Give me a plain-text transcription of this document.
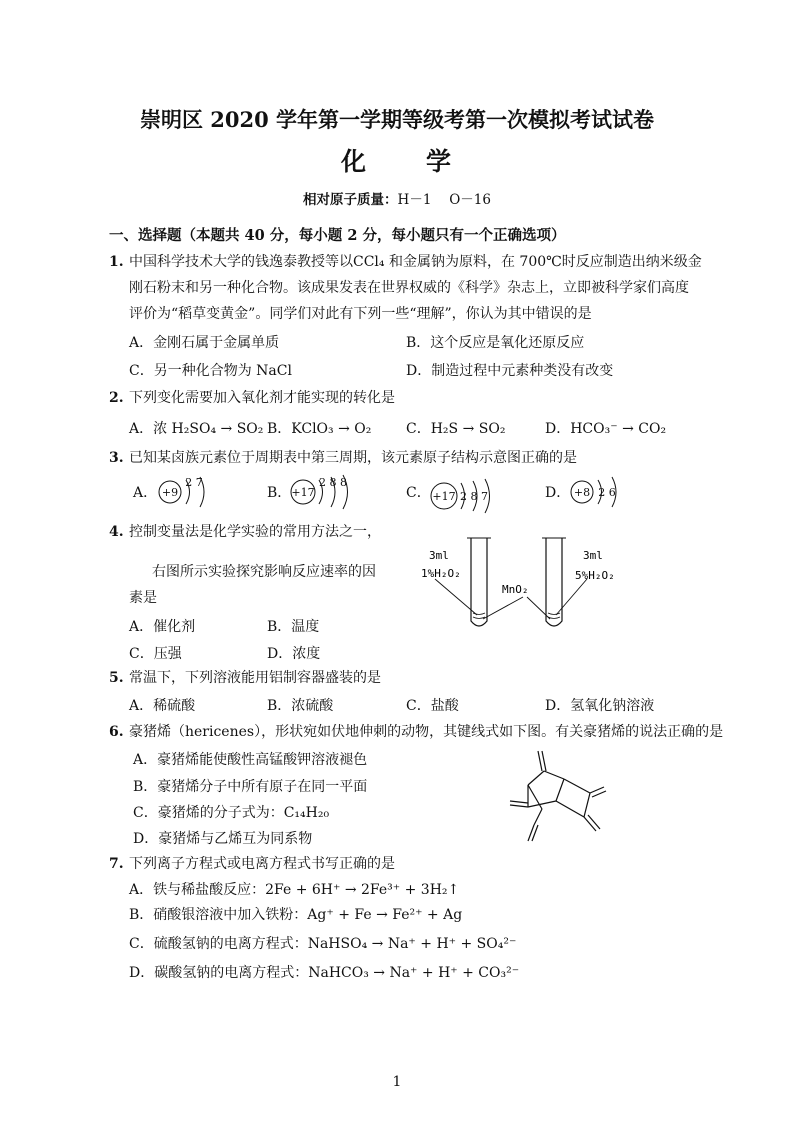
崇明区 2020 学年第一学期等级考第一次模拟考试试卷
化 学
相对原子质量：H－1　 O－16
一、选择题（本题共 40 分，每小题 2 分，每小题只有一个正确选项）
1. 中国科学技术大学的钱逸泰教授等以CCl₄ 和金属钠为原料，在 700℃时反应制造出纳米级金
刚石粉末和另一种化合物。该成果发表在世界权威的《科学》杂志上，立即被科学家们高度
评价为“稻草变黄金”。同学们对此有下列一些“理解”，你认为其中错误的是
A．金刚石属于金属单质	B．这个反应是氧化还原反应
C．另一种化合物为 NaCl	D．制造过程中元素种类没有改变
2. 下列变化需要加入氧化剂才能实现的转化是
A．浓 H₂SO₄ → SO₂ B．KClO₃ → O₂ C．H₂S → SO₂	D．HCO₃⁻ → CO₂
3. 已知某卤族元素位于周期表中第三周期，该元素原子结构示意图正确的是
A． +9
2 7
B． +17
2 8 8
C． +17 2 8 7	D． +8 2 6
4. 控制变量法是化学实验的常用方法之一，
右图所示实验探究影响反应速率的因
素是
A．催化剂	B．温度
C．压强	D．浓度
3ml
1%H₂O₂
MnO₂
3ml
5%H₂O₂
5. 常温下，下列溶液能用铝制容器盛装的是
A．稀硫酸	B．浓硫酸	C．盐酸	D．氢氧化钠溶液
6. 豪猪烯（hericenes），形状宛如伏地伸刺的动物，其键线式如下图。有关豪猪烯的说法正确的是
A．豪猪烯能使酸性高锰酸钾溶液褪色
B．豪猪烯分子中所有原子在同一平面
C．豪猪烯的分子式为：C₁₄H₂₀
D．豪猪烯与乙烯互为同系物
7. 下列离子方程式或电离方程式书写正确的是
A．铁与稀盐酸反应：2Fe + 6H⁺ → 2Fe³⁺ + 3H₂↑
B．硝酸银溶液中加入铁粉：Ag⁺ + Fe → Fe²⁺ + Ag
C．硫酸氢钠的电离方程式：NaHSO₄ → Na⁺ + H⁺ + SO₄²⁻
D．碳酸氢钠的电离方程式：NaHCO₃ → Na⁺ + H⁺ + CO₃²⁻
1
